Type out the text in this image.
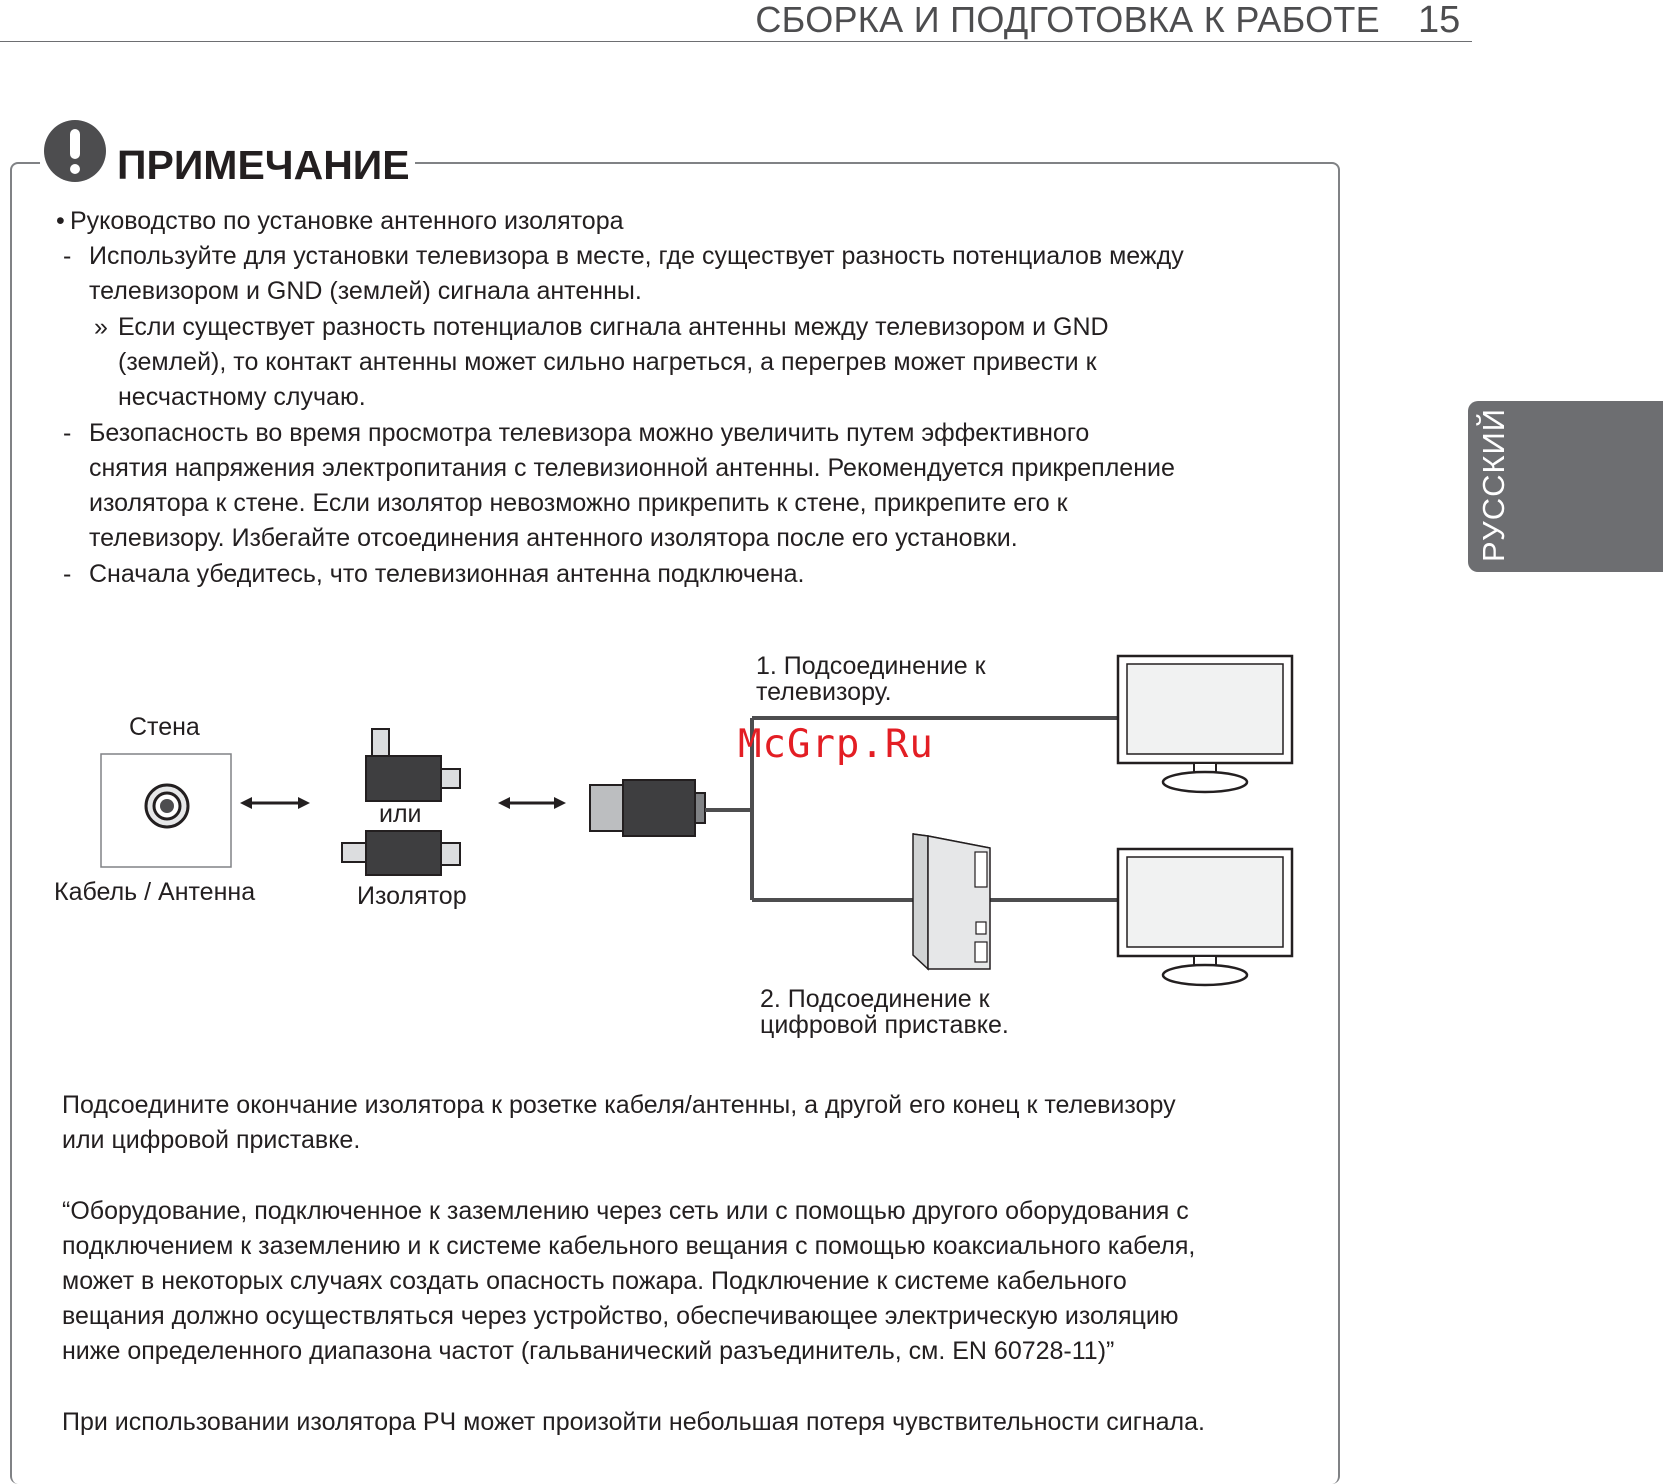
СБОРКА И ПОДГОТОВКА К РАБОТЕ 15
РУССКИЙ
ПРИМЕЧАНИЕ
• Руководство по установке антенного изолятора
- Используйте для установки телевизора в месте, где существует разность потенциалов между
телевизором и GND (землей) сигнала антенны.
» Если существует разность потенциалов сигнала антенны между телевизором и GND
(землей), то контакт антенны может сильно нагреться, а перегрев может привести к
несчастному случаю.
- Безопасность во время просмотра телевизора можно увеличить путем эффективного
снятия напряжения электропитания с телевизионной антенны. Рекомендуется прикрепление
изолятора к стене. Если изолятор невозможно прикрепить к стене, прикрепите его к
телевизору. Избегайте отсоединения антенного изолятора после его установки.
- Сначала убедитесь, что телевизионная антенна подключена.
Стена
Кабель / Антенна
или
Изолятор
1. Подсоединение к
телевизору.
2. Подсоединение к
цифровой приставке.
McGrp.Ru
Подсоедините окончание изолятора к розетке кабеля/антенны, а другой его конец к телевизору
или цифровой приставке.
“Оборудование, подключенное к заземлению через сеть или с помощью другого оборудования с
подключением к заземлению и к системе кабельного вещания с помощью коаксиального кабеля,
может в некоторых случаях создать опасность пожара. Подключение к системе кабельного
вещания должно осуществляться через устройство, обеспечивающее электрическую изоляцию
ниже определенного диапазона частот (гальванический разъединитель, см. EN 60728-11)”
При использовании изолятора РЧ может произойти небольшая потеря чувствительности сигнала.
